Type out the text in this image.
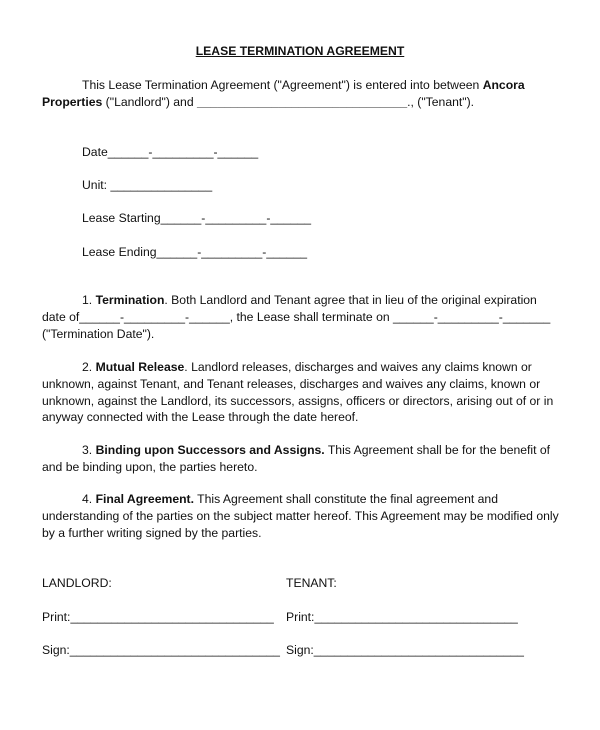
LEASE TERMINATION AGREEMENT
This Lease Termination Agreement ("Agreement") is entered into between Ancora Properties ("Landlord") and _______________________________., ("Tenant").
Date______-_________-______
Unit: _______________
Lease Starting______-_________-______
Lease Ending______-_________-______
1. Termination. Both Landlord and Tenant agree that in lieu of the original expiration date of______-_________-______, the Lease shall terminate on ______-_________-_______ ("Termination Date").
2. Mutual Release. Landlord releases, discharges and waives any claims known or unknown, against Tenant, and Tenant releases, discharges and waives any claims, known or unknown, against the Landlord, its successors, assigns, officers or directors, arising out of or in anyway connected with the Lease through the date hereof.
3. Binding upon Successors and Assigns. This Agreement shall be for the benefit of and be binding upon, the parties hereto.
4. Final Agreement. This Agreement shall constitute the final agreement and understanding of the parties on the subject matter hereof. This Agreement may be modified only by a further writing signed by the parties.
LANDLORD:	TENANT:
Print:______________________________ Print:______________________________
Sign:_______________________________ Sign:_______________________________
